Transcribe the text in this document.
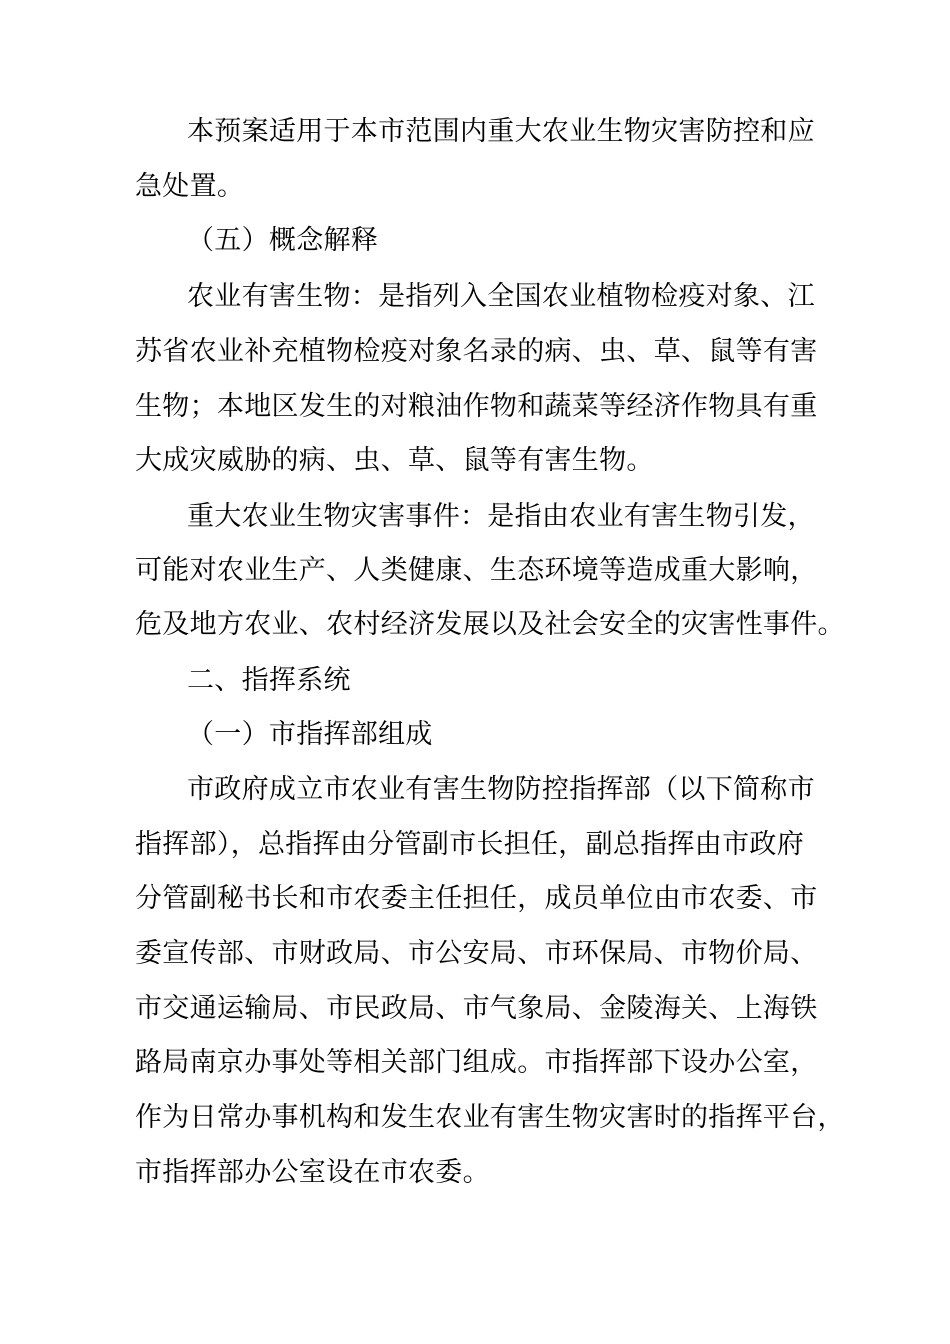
本预案适用于本市范围内重大农业生物灾害防控和应
急处置。
（五）概念解释
农业有害生物：是指列入全国农业植物检疫对象、江
苏省农业补充植物检疫对象名录的病、虫、草、鼠等有害
生物；本地区发生的对粮油作物和蔬菜等经济作物具有重
大成灾威胁的病、虫、草、鼠等有害生物。
重大农业生物灾害事件：是指由农业有害生物引发，
可能对农业生产、人类健康、生态环境等造成重大影响，
危及地方农业、农村经济发展以及社会安全的灾害性事件。
二、指挥系统
（一）市指挥部组成
市政府成立市农业有害生物防控指挥部（以下简称市
指挥部），总指挥由分管副市长担任，副总指挥由市政府
分管副秘书长和市农委主任担任，成员单位由市农委、市
委宣传部、市财政局、市公安局、市环保局、市物价局、
市交通运输局、市民政局、市气象局、金陵海关、上海铁
路局南京办事处等相关部门组成。市指挥部下设办公室，
作为日常办事机构和发生农业有害生物灾害时的指挥平台，
市指挥部办公室设在市农委。
